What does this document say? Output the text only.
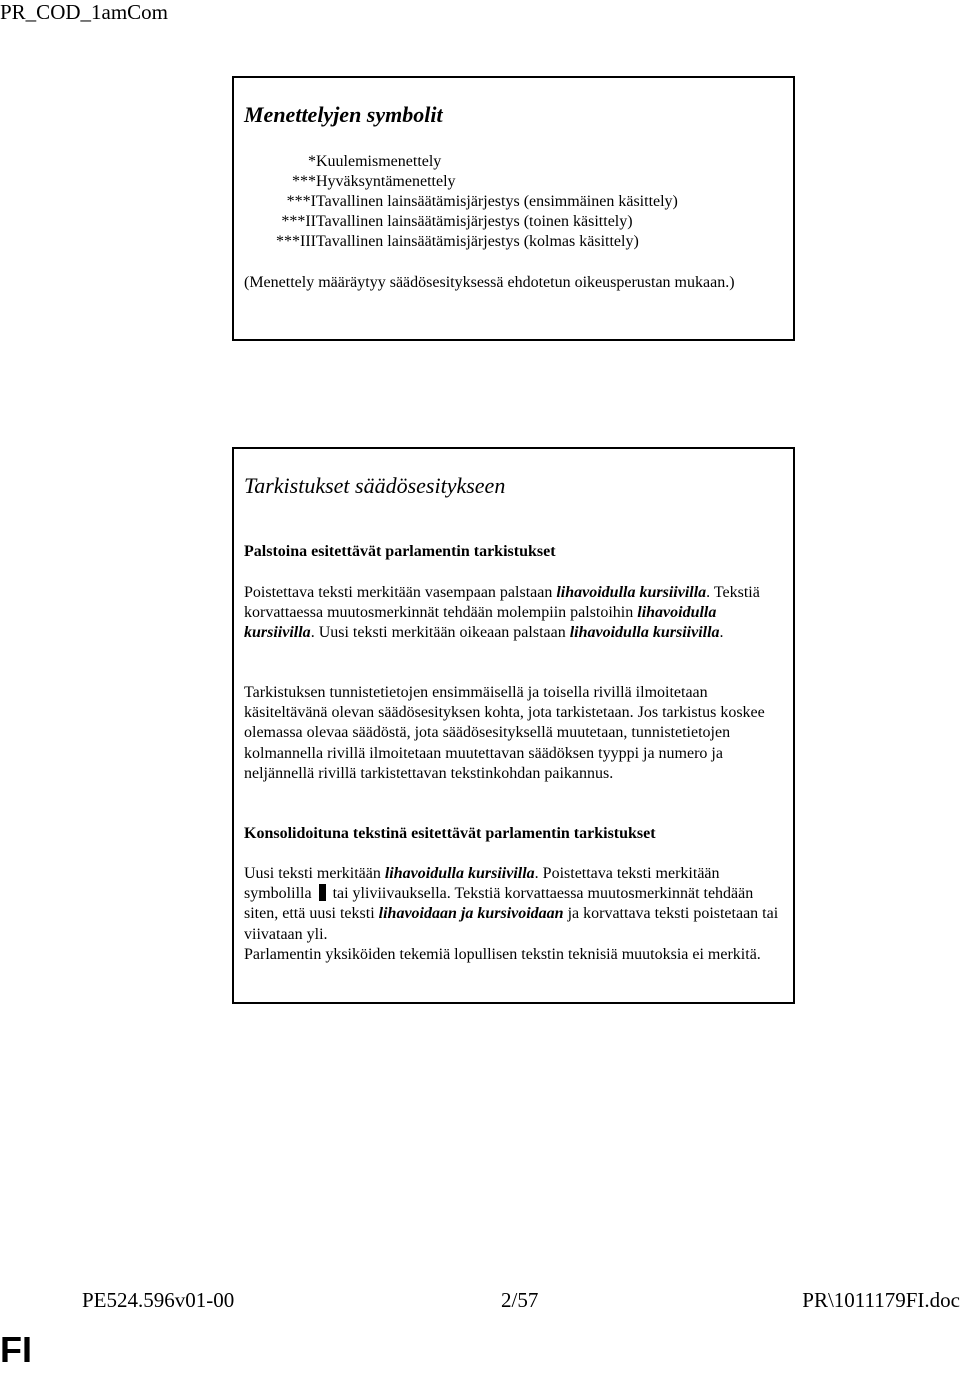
PR_COD_1amCom
Menettelyjen symbolit
* Kuulemismenettely
*** Hyväksyntämenettely
***I Tavallinen lainsäätämisjärjestys (ensimmäinen käsittely)
***II Tavallinen lainsäätämisjärjestys (toinen käsittely)
***III Tavallinen lainsäätämisjärjestys (kolmas käsittely)
(Menettely määräytyy säädösesityksessä ehdotetun oikeusperustan mukaan.)
Tarkistukset säädösesitykseen
Palstoina esitettävät parlamentin tarkistukset
Poistettava teksti merkitään vasempaan palstaan lihavoidulla kursiivilla. Tekstiä korvattaessa muutosmerkinnät tehdään molempiin palstoihin lihavoidulla kursiivilla. Uusi teksti merkitään oikeaan palstaan lihavoidulla kursiivilla.
Tarkistuksen tunnistetietojen ensimmäisellä ja toisella rivillä ilmoitetaan käsiteltävänä olevan säädösesityksen kohta, jota tarkistetaan. Jos tarkistus koskee olemassa olevaa säädöstä, jota säädösesityksellä muutetaan, tunnistetietojen kolmannella rivillä ilmoitetaan muutettavan säädöksen tyyppi ja numero ja neljännellä rivillä tarkistettavan tekstinkohdan paikannus.
Konsolidoituna tekstinä esitettävät parlamentin tarkistukset
Uusi teksti merkitään lihavoidulla kursiivilla. Poistettava teksti merkitään symbolilla  tai yliviivauksella. Tekstiä korvattaessa muutosmerkinnät tehdään siten, että uusi teksti lihavoidaan ja kursivoidaan ja korvattava teksti poistetaan tai viivataan yli.
Parlamentin yksiköiden tekemiä lopullisen tekstin teknisiä muutoksia ei merkitä.
PE524.596v01-00	2/57	PR\1011179FI.doc
FI
